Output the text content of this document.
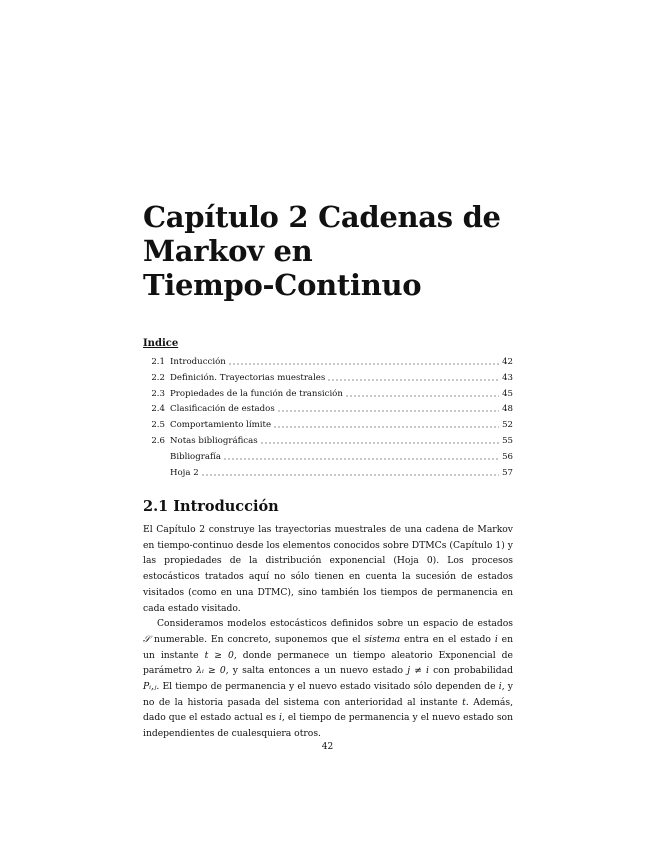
Capítulo 2 Cadenas de
Markov en
Tiempo-Continuo
Indice
2.1 Introducción	42
2.2 Definición. Trayectorias muestrales	43
2.3 Propiedades de la función de transición	45
2.4 Clasificación de estados	48
2.5 Comportamiento límite	52
2.6 Notas bibliográficas	55
Bibliografía	56
Hoja 2	57
2.1 Introducción

El Capítulo 2 construye las trayectorias muestrales de una cadena de Markov en tiempo-continuo desde los elementos conocidos sobre DTMCs (Capítulo 1) y las propiedades de la distribución exponencial (Hoja 0). Los procesos estocásticos tratados aquí no sólo tienen en cuenta la sucesión de estados visitados (como en una DTMC), sino también los tiempos de permanencia en cada estado visitado.

Consideramos modelos estocásticos definidos sobre un espacio de estados 𝒮 numerable. En concreto, suponemos que el sistema entra en el estado i en un instante t ≥ 0, donde permanece un tiempo aleatorio Exponencial de parámetro λᵢ ≥ 0, y salta entonces a un nuevo estado j ≠ i con probabilidad Pᵢ,ⱼ. El tiempo de permanencia y el nuevo estado visitado sólo dependen de i, y no de la historia pasada del sistema con anterioridad al instante t. Además, dado que el estado actual es i, el tiempo de permanencia y el nuevo estado son independientes de cualesquiera otros.

42
